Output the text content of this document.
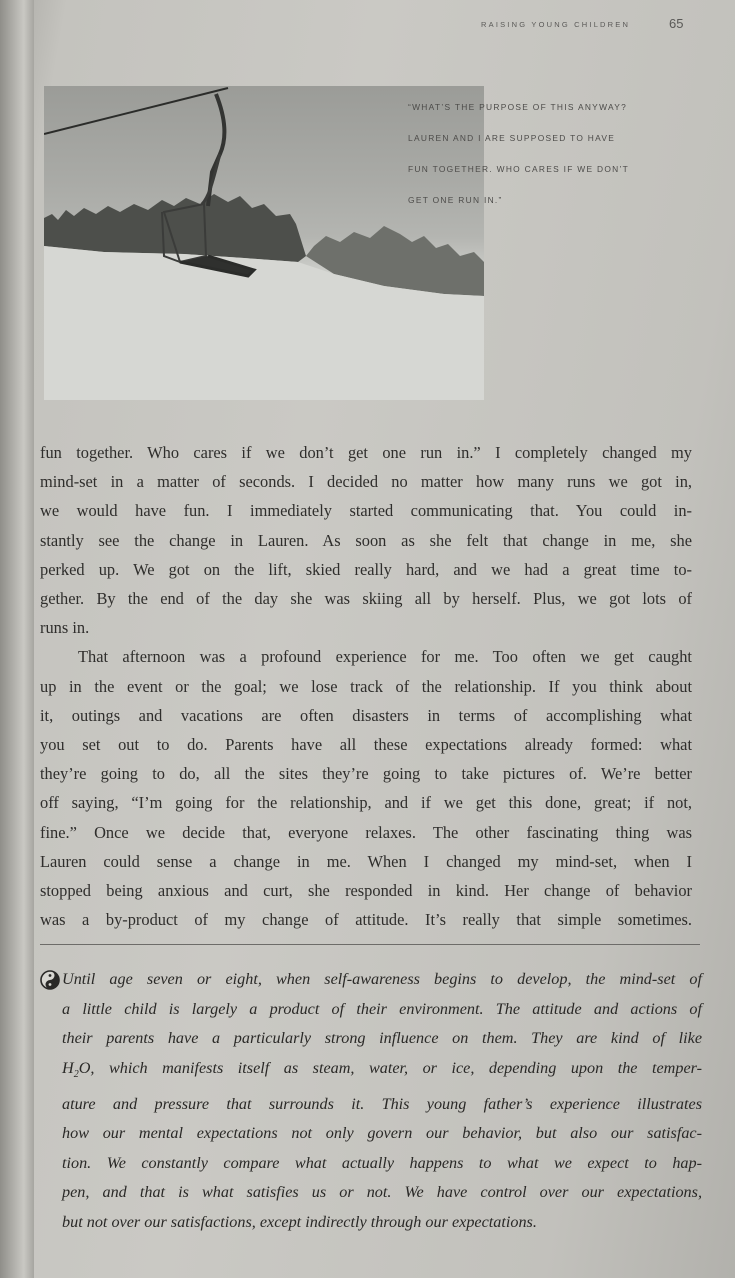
RAISING YOUNG CHILDREN	65
“WHAT’S THE PURPOSE OF THIS ANYWAY?
LAUREN AND I ARE SUPPOSED TO HAVE
FUN TOGETHER. WHO CARES IF WE DON’T
GET ONE RUN IN.”
fun together. Who cares if we don’t get one run in.” I completely changed my
mind-set in a matter of seconds. I decided no matter how many runs we got in,
we would have fun. I immediately started communicating that. You could in-
stantly see the change in Lauren. As soon as she felt that change in me, she
perked up. We got on the lift, skied really hard, and we had a great time to-
gether. By the end of the day she was skiing all by herself. Plus, we got lots of
runs in.
That afternoon was a profound experience for me. Too often we get caught
up in the event or the goal; we lose track of the relationship. If you think about
it, outings and vacations are often disasters in terms of accomplishing what
you set out to do. Parents have all these expectations already formed: what
they’re going to do, all the sites they’re going to take pictures of. We’re better
off saying, “I’m going for the relationship, and if we get this done, great; if not,
fine.” Once we decide that, everyone relaxes. The other fascinating thing was
Lauren could sense a change in me. When I changed my mind-set, when I
stopped being anxious and curt, she responded in kind. Her change of behavior
was a by-product of my change of attitude. It’s really that simple sometimes.
Until age seven or eight, when self-awareness begins to develop, the mind-set of
a little child is largely a product of their environment. The attitude and actions of
their parents have a particularly strong influence on them. They are kind of like
$H_2O$, which manifests itself as steam, water, or ice, depending upon the temper-
ature and pressure that surrounds it. This young father’s experience illustrates
how our mental expectations not only govern our behavior, but also our satisfac-
tion. We constantly compare what actually happens to what we expect to hap-
pen, and that is what satisfies us or not. We have control over our expectations,
but not over our satisfactions, except indirectly through our expectations.
